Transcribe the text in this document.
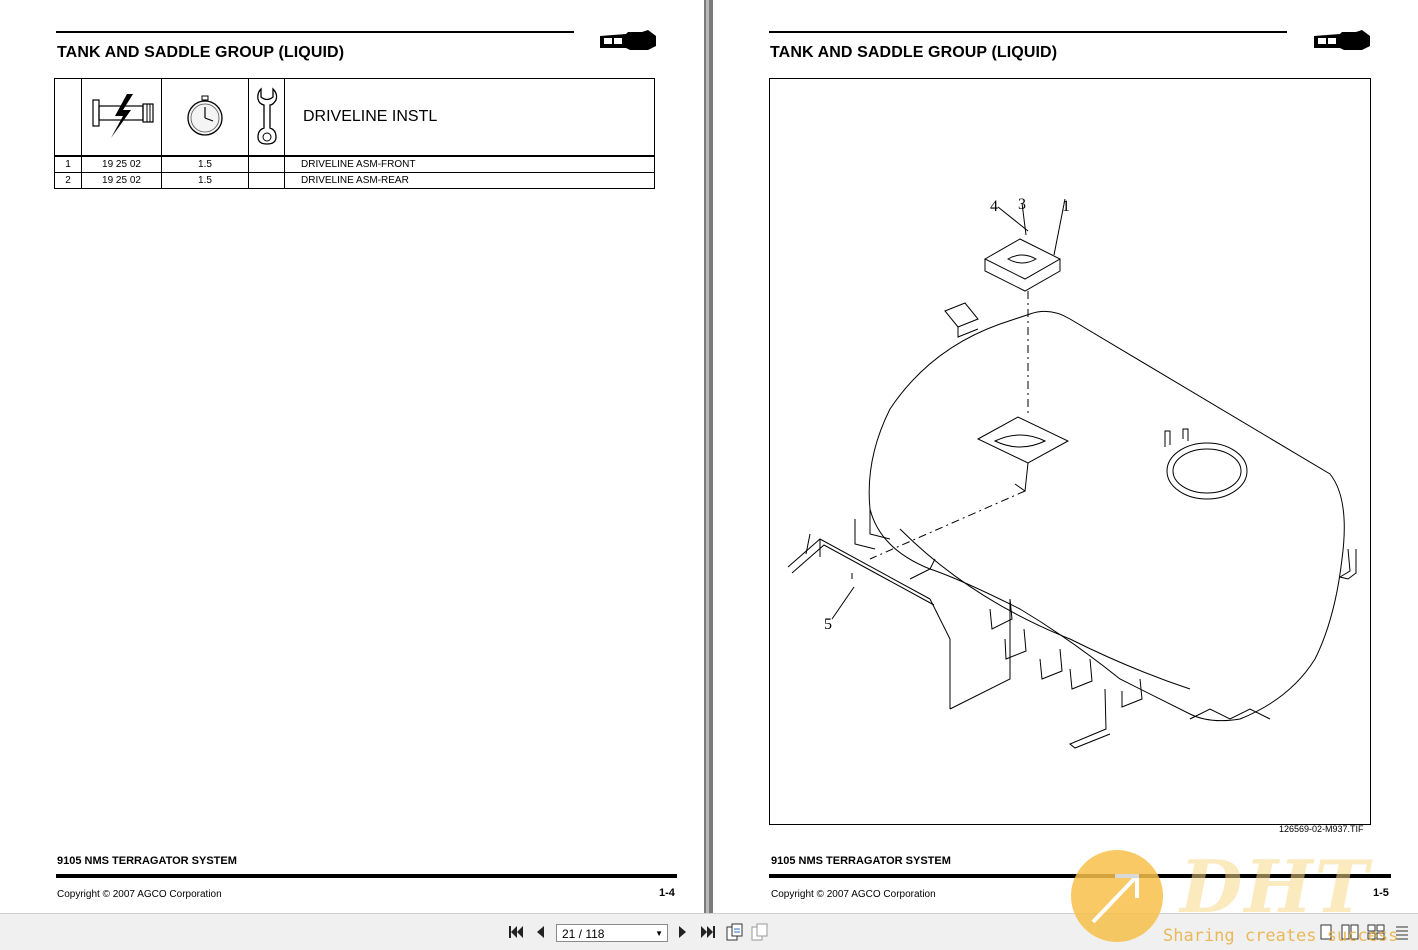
TANK AND SADDLE GROUP (LIQUID)
				DRIVELINE INSTL
1	19 25 02	1.5		DRIVELINE ASM-FRONT
2	19 25 02	1.5		DRIVELINE ASM-REAR
9105 NMS TERRAGATOR SYSTEM
Copyright © 2007 AGCO Corporation	1-4
TANK AND SADDLE GROUP (LIQUID)
4 3 1
5
126569-02-M937.TIF
9105 NMS TERRAGATOR SYSTEM
Copyright © 2007 AGCO Corporation	1-5
21 / 118	▼
DHT
Sharing creates success
